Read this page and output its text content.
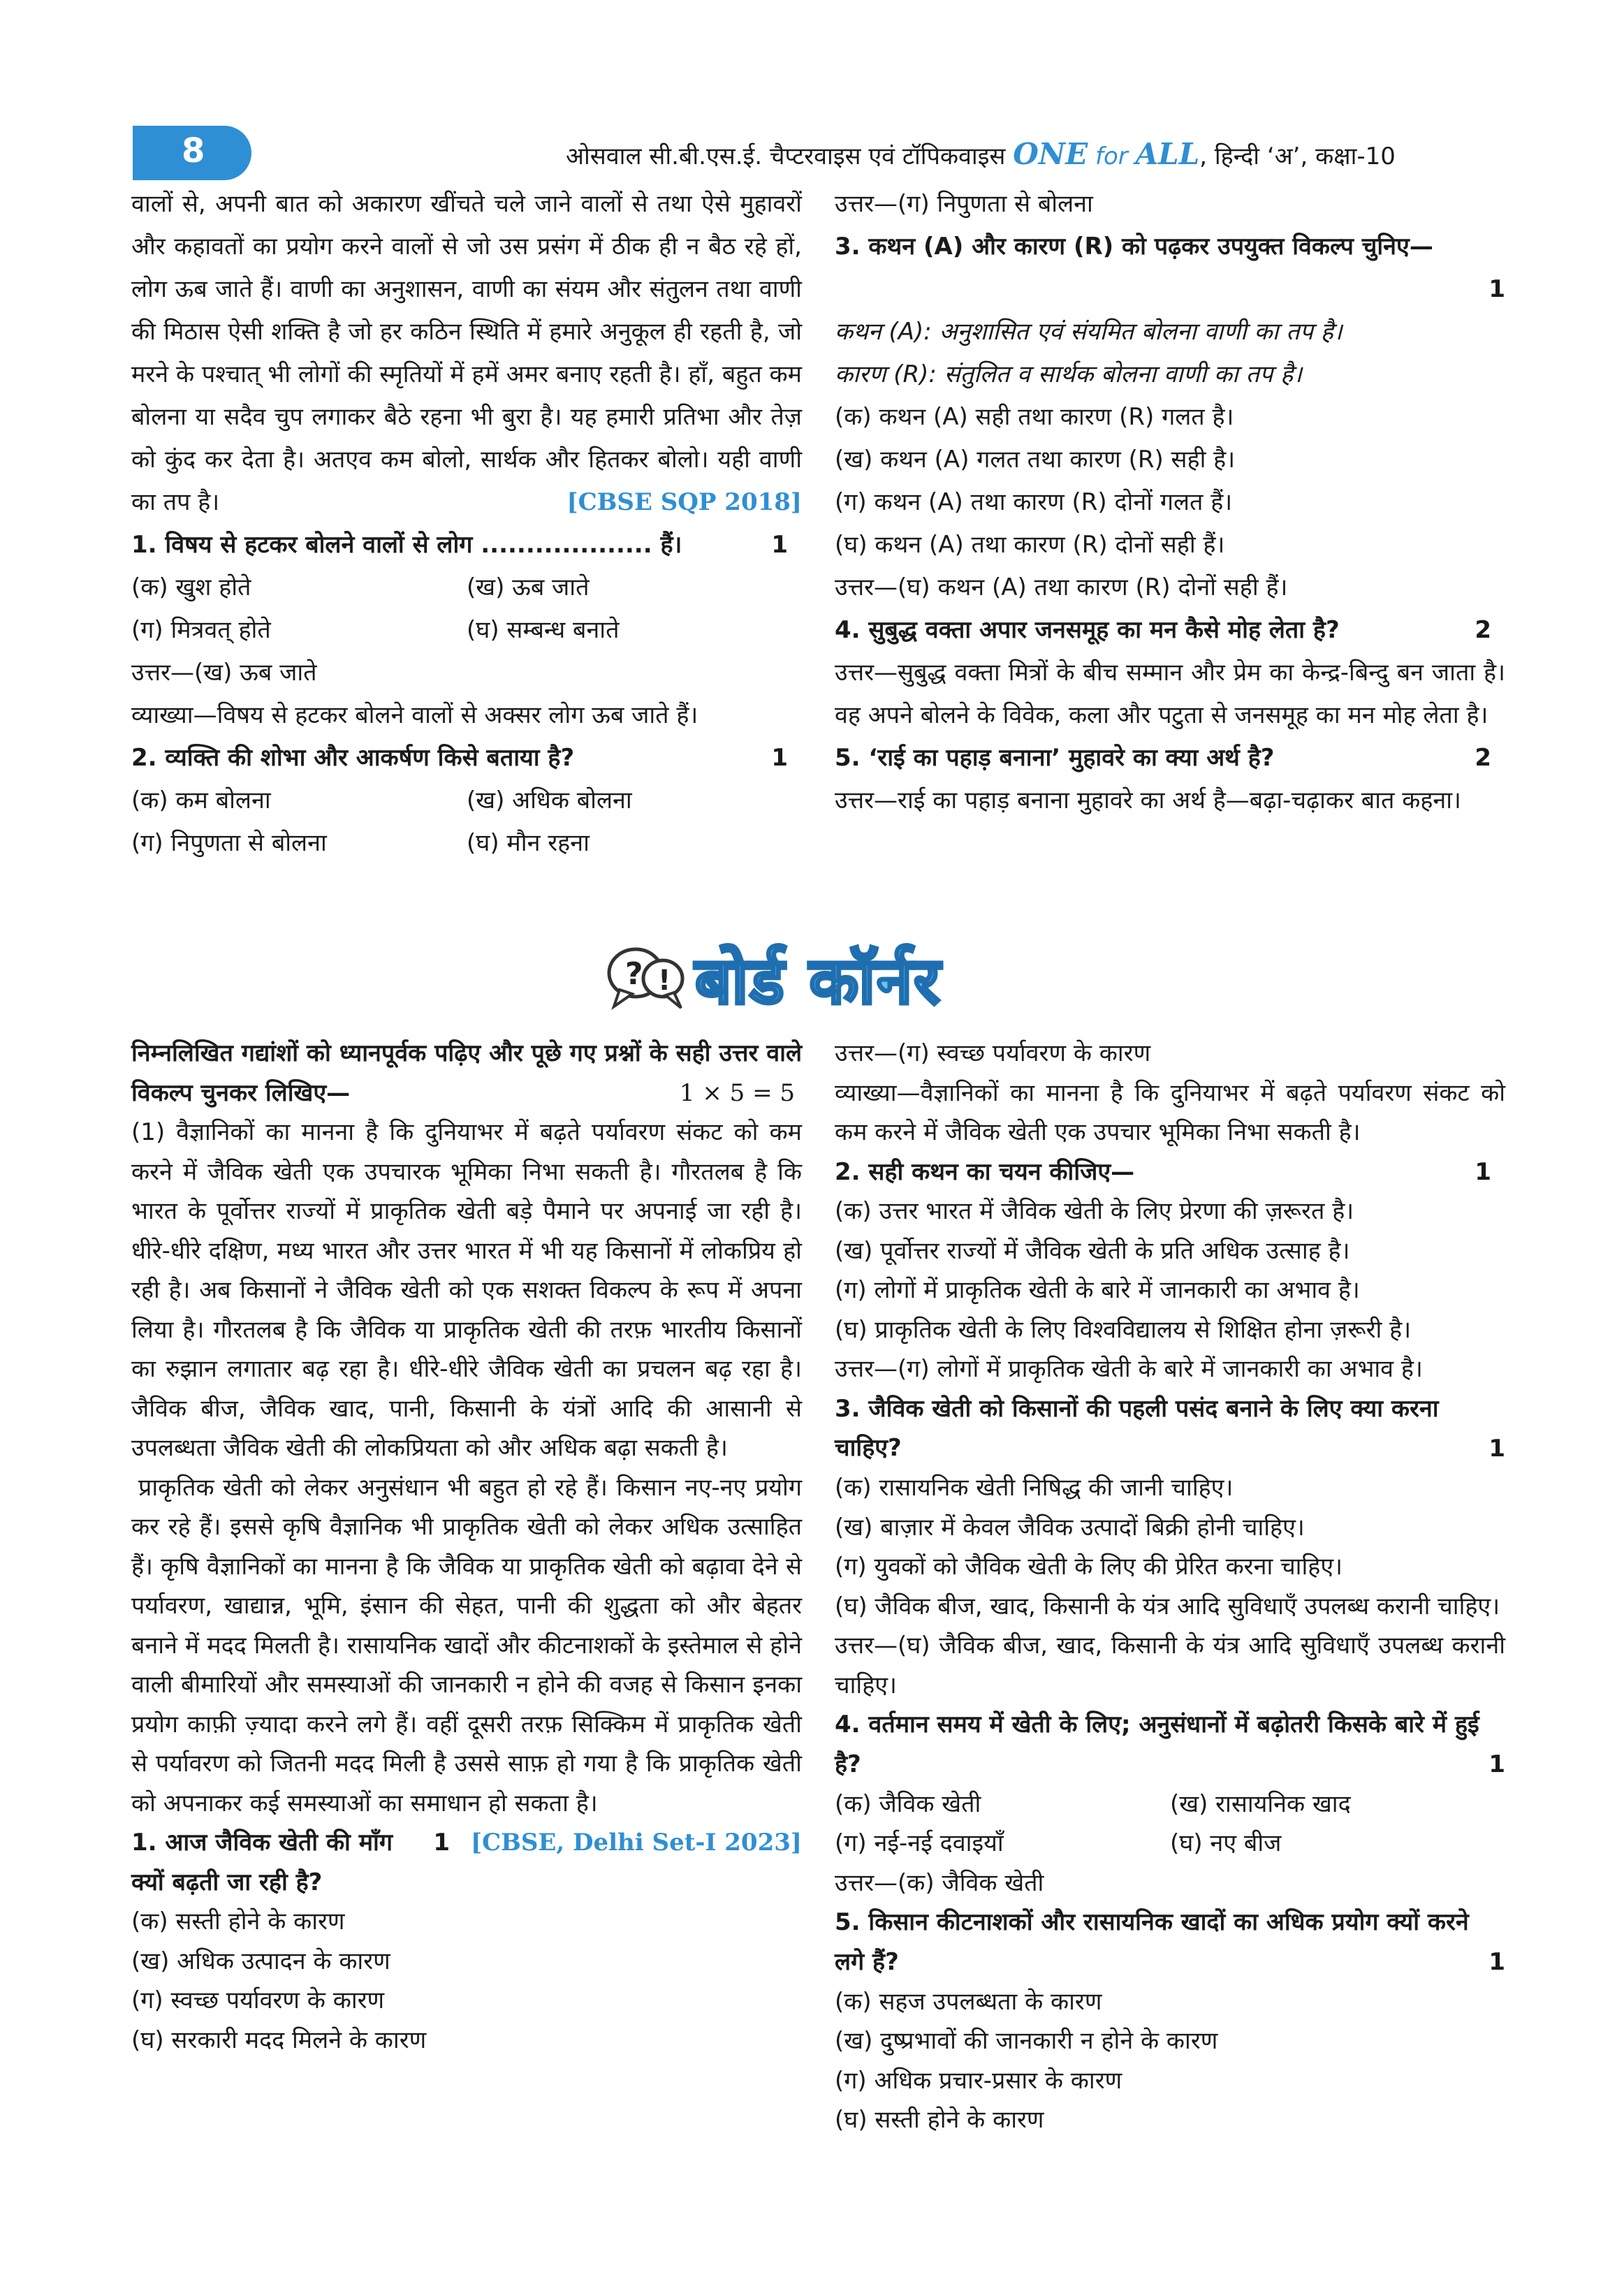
8	ओसवाल सी.बी.एस.ई. चैप्टरवाइस एवं टॉपिकवाइस ONE for ALL, हिन्दी ‘अ’, कक्षा-10

वालों से, अपनी बात को अकारण खींचते चले जाने वालों से तथा ऐसे मुहावरों और कहावतों का प्रयोग करने वालों से जो उस प्रसंग में ठीक ही न बैठ रहे हों, लोग ऊब जाते हैं। वाणी का अनुशासन, वाणी का संयम और संतुलन तथा वाणी की मिठास ऐसी शक्ति है जो हर कठिन स्थिति में हमारे अनुकूल ही रहती है, जो मरने के पश्चात् भी लोगों की स्मृतियों में हमें अमर बनाए रहती है। हाँ, बहुत कम बोलना या सदैव चुप लगाकर बैठे रहना भी बुरा है। यह हमारी प्रतिभा और तेज़ को कुंद कर देता है। अतएव कम बोलो, सार्थक और हितकर बोलो। यही वाणी का तप है।	[CBSE SQP 2018]

1. विषय से हटकर बोलने वालों से लोग ................... हैं।	1
(क) खुश होते	(ख) ऊब जाते
(ग) मित्रवत् होते	(घ) सम्बन्ध बनाते

उत्तर—(ख) ऊब जाते

व्याख्या—विषय से हटकर बोलने वालों से अक्सर लोग ऊब जाते हैं।

2. व्यक्ति की शोभा और आकर्षण किसे बताया है?	1
(क) कम बोलना	(ख) अधिक बोलना
(ग) निपुणता से बोलना	(घ) मौन रहना

उत्तर—(ग) निपुणता से बोलना

3. कथन (A) और कारण (R) को पढ़कर उपयुक्त विकल्प चुनिए—

1

कथन (A): अनुशासित एवं संयमित बोलना वाणी का तप है।

कारण (R): संतुलित व सार्थक बोलना वाणी का तप है।

(क) कथन (A) सही तथा कारण (R) गलत है।

(ख) कथन (A) गलत तथा कारण (R) सही है।

(ग) कथन (A) तथा कारण (R) दोनों गलत हैं।

(घ) कथन (A) तथा कारण (R) दोनों सही हैं।

उत्तर—(घ) कथन (A) तथा कारण (R) दोनों सही हैं।

4. सुबुद्ध वक्ता अपार जनसमूह का मन कैसे मोह लेता है?	2

उत्तर—सुबुद्ध वक्ता मित्रों के बीच सम्मान और प्रेम का केन्द्र-बिन्दु बन जाता है। वह अपने बोलने के विवेक, कला और पटुता से जनसमूह का मन मोह लेता है।

5. ‘राई का पहाड़ बनाना’ मुहावरे का क्या अर्थ है?	2

उत्तर—राई का पहाड़ बनाना मुहावरे का अर्थ है—बढ़ा-चढ़ाकर बात कहना।

? ! बोर्ड कॉर्नर

निम्नलिखित गद्यांशों को ध्यानपूर्वक पढ़िए और पूछे गए प्रश्नों के सही उत्तर वाले विकल्प चुनकर लिखिए—	1 × 5 = 5

(1) वैज्ञानिकों का मानना है कि दुनियाभर में बढ़ते पर्यावरण संकट को कम करने में जैविक खेती एक उपचारक भूमिका निभा सकती है। गौरतलब है कि भारत के पूर्वोत्तर राज्यों में प्राकृतिक खेती बड़े पैमाने पर अपनाई जा रही है। धीरे-धीरे दक्षिण, मध्य भारत और उत्तर भारत में भी यह किसानों में लोकप्रिय हो रही है। अब किसानों ने जैविक खेती को एक सशक्त विकल्प के रूप में अपना लिया है। गौरतलब है कि जैविक या प्राकृतिक खेती की तरफ़ भारतीय किसानों का रुझान लगातार बढ़ रहा है। धीरे-धीरे जैविक खेती का प्रचलन बढ़ रहा है। जैविक बीज, जैविक खाद, पानी, किसानी के यंत्रों आदि की आसानी से उपलब्धता जैविक खेती की लोकप्रियता को और अधिक बढ़ा सकती है।

प्राकृतिक खेती को लेकर अनुसंधान भी बहुत हो रहे हैं। किसान नए-नए प्रयोग कर रहे हैं। इससे कृषि वैज्ञानिक भी प्राकृतिक खेती को लेकर अधिक उत्साहित हैं। कृषि वैज्ञानिकों का मानना है कि जैविक या प्राकृतिक खेती को बढ़ावा देने से पर्यावरण, खाद्यान्न, भूमि, इंसान की सेहत, पानी की शुद्धता को और बेहतर बनाने में मदद मिलती है। रासायनिक खादों और कीटनाशकों के इस्तेमाल से होने वाली बीमारियों और समस्याओं की जानकारी न होने की वजह से किसान इनका प्रयोग काफ़ी ज़्यादा करने लगे हैं। वहीं दूसरी तरफ़ सिक्किम में प्राकृतिक खेती से पर्यावरण को जितनी मदद मिली है उससे साफ़ हो गया है कि प्राकृतिक खेती को अपनाकर कई समस्याओं का समाधान हो सकता है।
[CBSE, Delhi Set-I 2023]

1. आज जैविक खेती की माँग क्यों बढ़ती जा रही है?
1

(क) सस्ती होने के कारण

(ख) अधिक उत्पादन के कारण

(ग) स्वच्छ पर्यावरण के कारण

(घ) सरकारी मदद मिलने के कारण

उत्तर—(ग) स्वच्छ पर्यावरण के कारण

व्याख्या—वैज्ञानिकों का मानना है कि दुनियाभर में बढ़ते पर्यावरण संकट को कम करने में जैविक खेती एक उपचार भूमिका निभा सकती है।

2. सही कथन का चयन कीजिए—	1

(क) उत्तर भारत में जैविक खेती के लिए प्रेरणा की ज़रूरत है।

(ख) पूर्वोत्तर राज्यों में जैविक खेती के प्रति अधिक उत्साह है।

(ग) लोगों में प्राकृतिक खेती के बारे में जानकारी का अभाव है।

(घ) प्राकृतिक खेती के लिए विश्वविद्यालय से शिक्षित होना ज़रूरी है।

उत्तर—(ग) लोगों में प्राकृतिक खेती के बारे में जानकारी का अभाव है।

3. जैविक खेती को किसानों की पहली पसंद बनाने के लिए क्या करना चाहिए?	1

(क) रासायनिक खेती निषिद्ध की जानी चाहिए।

(ख) बाज़ार में केवल जैविक उत्पादों बिक्री होनी चाहिए।

(ग) युवकों को जैविक खेती के लिए की प्रेरित करना चाहिए।

(घ) जैविक बीज, खाद, किसानी के यंत्र आदि सुविधाएँ उपलब्ध करानी चाहिए।

उत्तर—(घ) जैविक बीज, खाद, किसानी के यंत्र आदि सुविधाएँ उपलब्ध करानी चाहिए।

4. वर्तमान समय में खेती के लिए; अनुसंधानों में बढ़ोतरी किसके बारे में हुई है?	1

(क) जैविक खेती	(ख) रासायनिक खाद
(ग) नई-नई दवाइयाँ	(घ) नए बीज

उत्तर—(क) जैविक खेती

5. किसान कीटनाशकों और रासायनिक खादों का अधिक प्रयोग क्यों करने लगे हैं?	1

(क) सहज उपलब्धता के कारण

(ख) दुष्प्रभावों की जानकारी न होने के कारण

(ग) अधिक प्रचार-प्रसार के कारण

(घ) सस्ती होने के कारण
